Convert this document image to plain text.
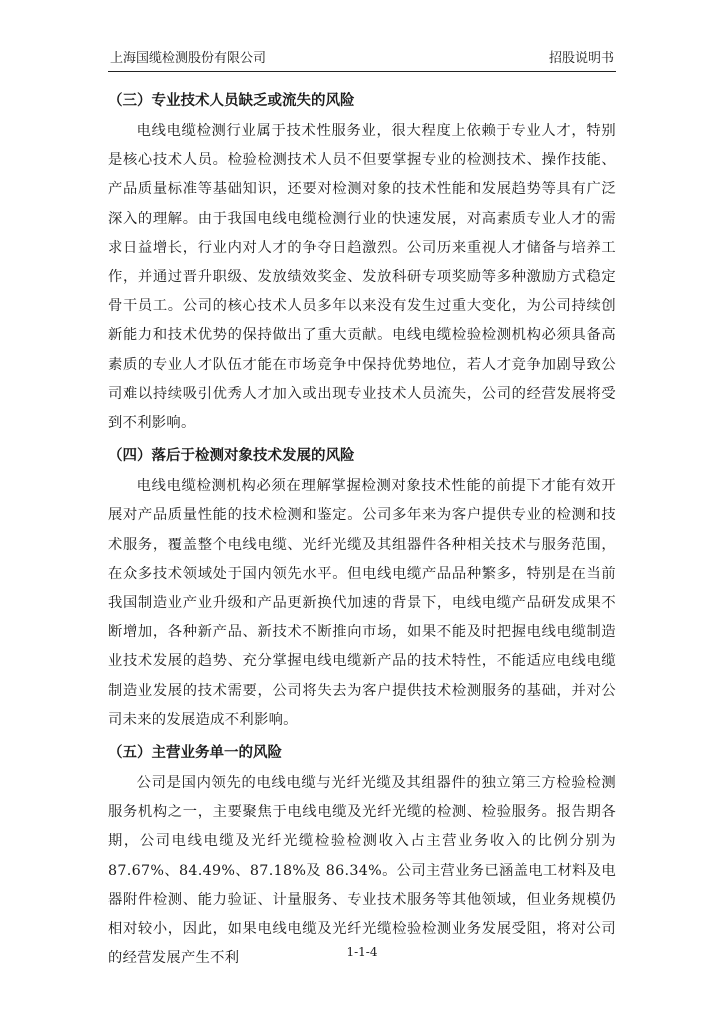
上海国缆检测股份有限公司	招股说明书
（三）专业技术人员缺乏或流失的风险

电线电缆检测行业属于技术性服务业，很大程度上依赖于专业人才，特别是核心技术人员。检验检测技术人员不但要掌握专业的检测技术、操作技能、产品质量标准等基础知识，还要对检测对象的技术性能和发展趋势等具有广泛深入的理解。由于我国电线电缆检测行业的快速发展，对高素质专业人才的需求日益增长，行业内对人才的争夺日趋激烈。公司历来重视人才储备与培养工作，并通过晋升职级、发放绩效奖金、发放科研专项奖励等多种激励方式稳定骨干员工。公司的核心技术人员多年以来没有发生过重大变化，为公司持续创新能力和技术优势的保持做出了重大贡献。电线电缆检验检测机构必须具备高素质的专业人才队伍才能在市场竞争中保持优势地位，若人才竞争加剧导致公司难以持续吸引优秀人才加入或出现专业技术人员流失，公司的经营发展将受到不利影响。

（四）落后于检测对象技术发展的风险

电线电缆检测机构必须在理解掌握检测对象技术性能的前提下才能有效开展对产品质量性能的技术检测和鉴定。公司多年来为客户提供专业的检测和技术服务，覆盖整个电线电缆、光纤光缆及其组器件各种相关技术与服务范围，在众多技术领域处于国内领先水平。但电线电缆产品品种繁多，特别是在当前我国制造业产业升级和产品更新换代加速的背景下，电线电缆产品研发成果不断增加，各种新产品、新技术不断推向市场，如果不能及时把握电线电缆制造业技术发展的趋势、充分掌握电线电缆新产品的技术特性，不能适应电线电缆制造业发展的技术需要，公司将失去为客户提供技术检测服务的基础，并对公司未来的发展造成不利影响。

（五）主营业务单一的风险

公司是国内领先的电线电缆与光纤光缆及其组器件的独立第三方检验检测服务机构之一，主要聚焦于电线电缆及光纤光缆的检测、检验服务。报告期各期，公司电线电缆及光纤光缆检验检测收入占主营业务收入的比例分别为 87.67%、84.49%、87.18%及 86.34%。公司主营业务已涵盖电工材料及电器附件检测、能力验证、计量服务、专业技术服务等其他领域，但业务规模仍相对较小，因此，如果电线电缆及光纤光缆检验检测业务发展受阻，将对公司的经营发展产生不利	1-1-4
